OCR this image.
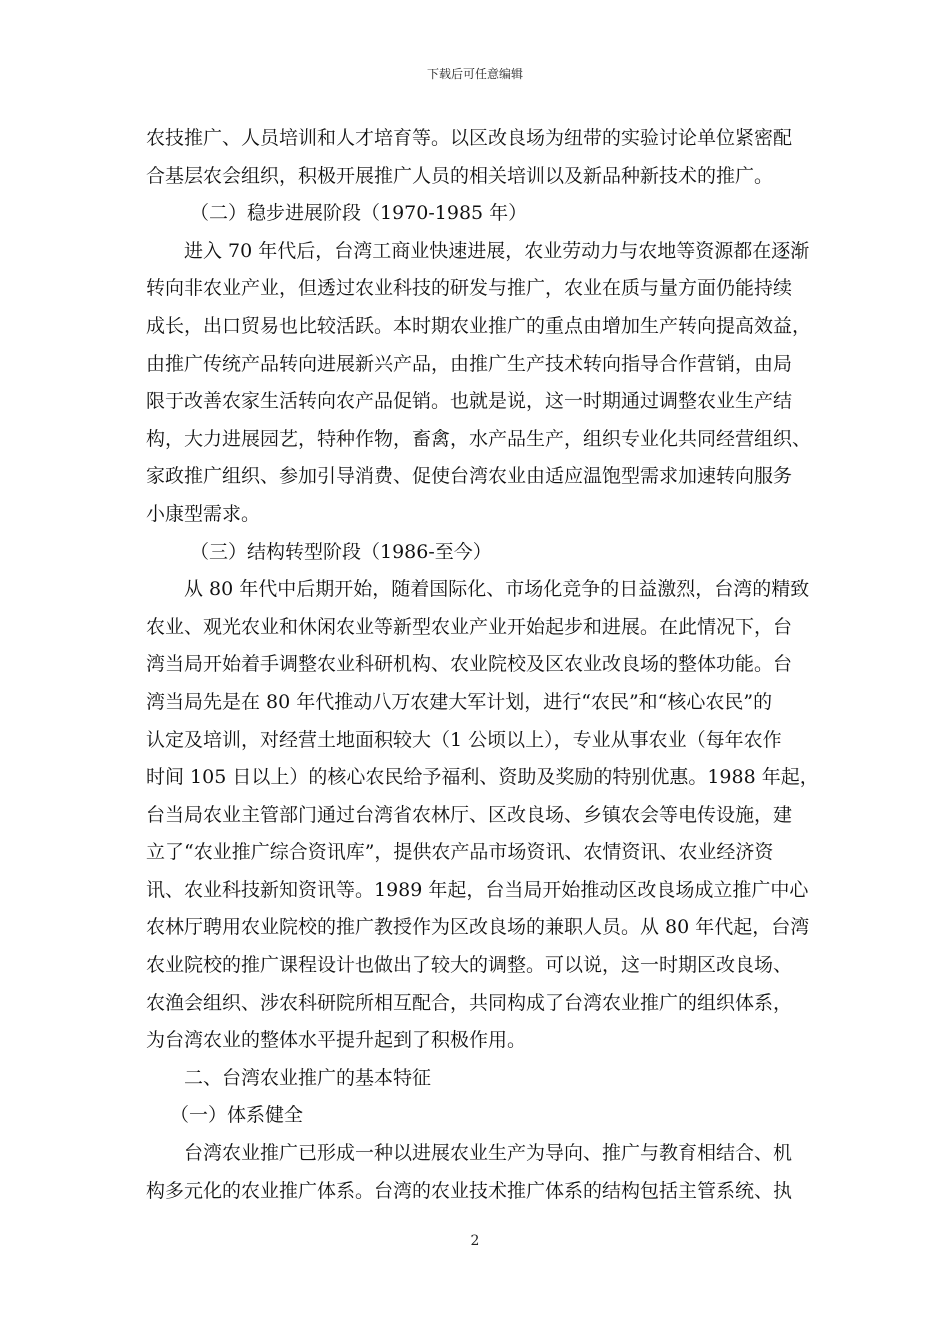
下载后可任意编辑
农技推广、人员培训和人才培育等。以区改良场为纽带的实验讨论单位紧密配
合基层农会组织，积极开展推广人员的相关培训以及新品种新技术的推广。
（二）稳步进展阶段（1970-1985 年）
进入 70 年代后，台湾工商业快速进展，农业劳动力与农地等资源都在逐渐
转向非农业产业，但透过农业科技的研发与推广，农业在质与量方面仍能持续
成长，出口贸易也比较活跃。本时期农业推广的重点由增加生产转向提高效益，
由推广传统产品转向进展新兴产品，由推广生产技术转向指导合作营销，由局
限于改善农家生活转向农产品促销。也就是说，这一时期通过调整农业生产结
构，大力进展园艺，特种作物，畜禽，水产品生产，组织专业化共同经营组织、
家政推广组织、参加引导消费、促使台湾农业由适应温饱型需求加速转向服务
小康型需求。
（三）结构转型阶段（1986-至今）
从 80 年代中后期开始，随着国际化、市场化竞争的日益激烈，台湾的精致
农业、观光农业和休闲农业等新型农业产业开始起步和进展。在此情况下，台
湾当局开始着手调整农业科研机构、农业院校及区农业改良场的整体功能。台
湾当局先是在 80 年代推动八万农建大军计划，进行“农民”和“核心农民”的
认定及培训，对经营土地面积较大（1 公顷以上），专业从事农业（每年农作
时间 105 日以上）的核心农民给予福利、资助及奖励的特别优惠。1988 年起，
台当局农业主管部门通过台湾省农林厅、区改良场、乡镇农会等电传设施，建
立了“农业推广综合资讯库”，提供农产品市场资讯、农情资讯、农业经济资
讯、农业科技新知资讯等。1989 年起，台当局开始推动区改良场成立推广中心
农林厅聘用农业院校的推广教授作为区改良场的兼职人员。从 80 年代起，台湾
农业院校的推广课程设计也做出了较大的调整。可以说，这一时期区改良场、
农渔会组织、涉农科研院所相互配合，共同构成了台湾农业推广的组织体系，
为台湾农业的整体水平提升起到了积极作用。
二、台湾农业推广的基本特征
（一）体系健全
台湾农业推广已形成一种以进展农业生产为导向、推广与教育相结合、机
构多元化的农业推广体系。台湾的农业技术推广体系的结构包括主管系统、执
2
